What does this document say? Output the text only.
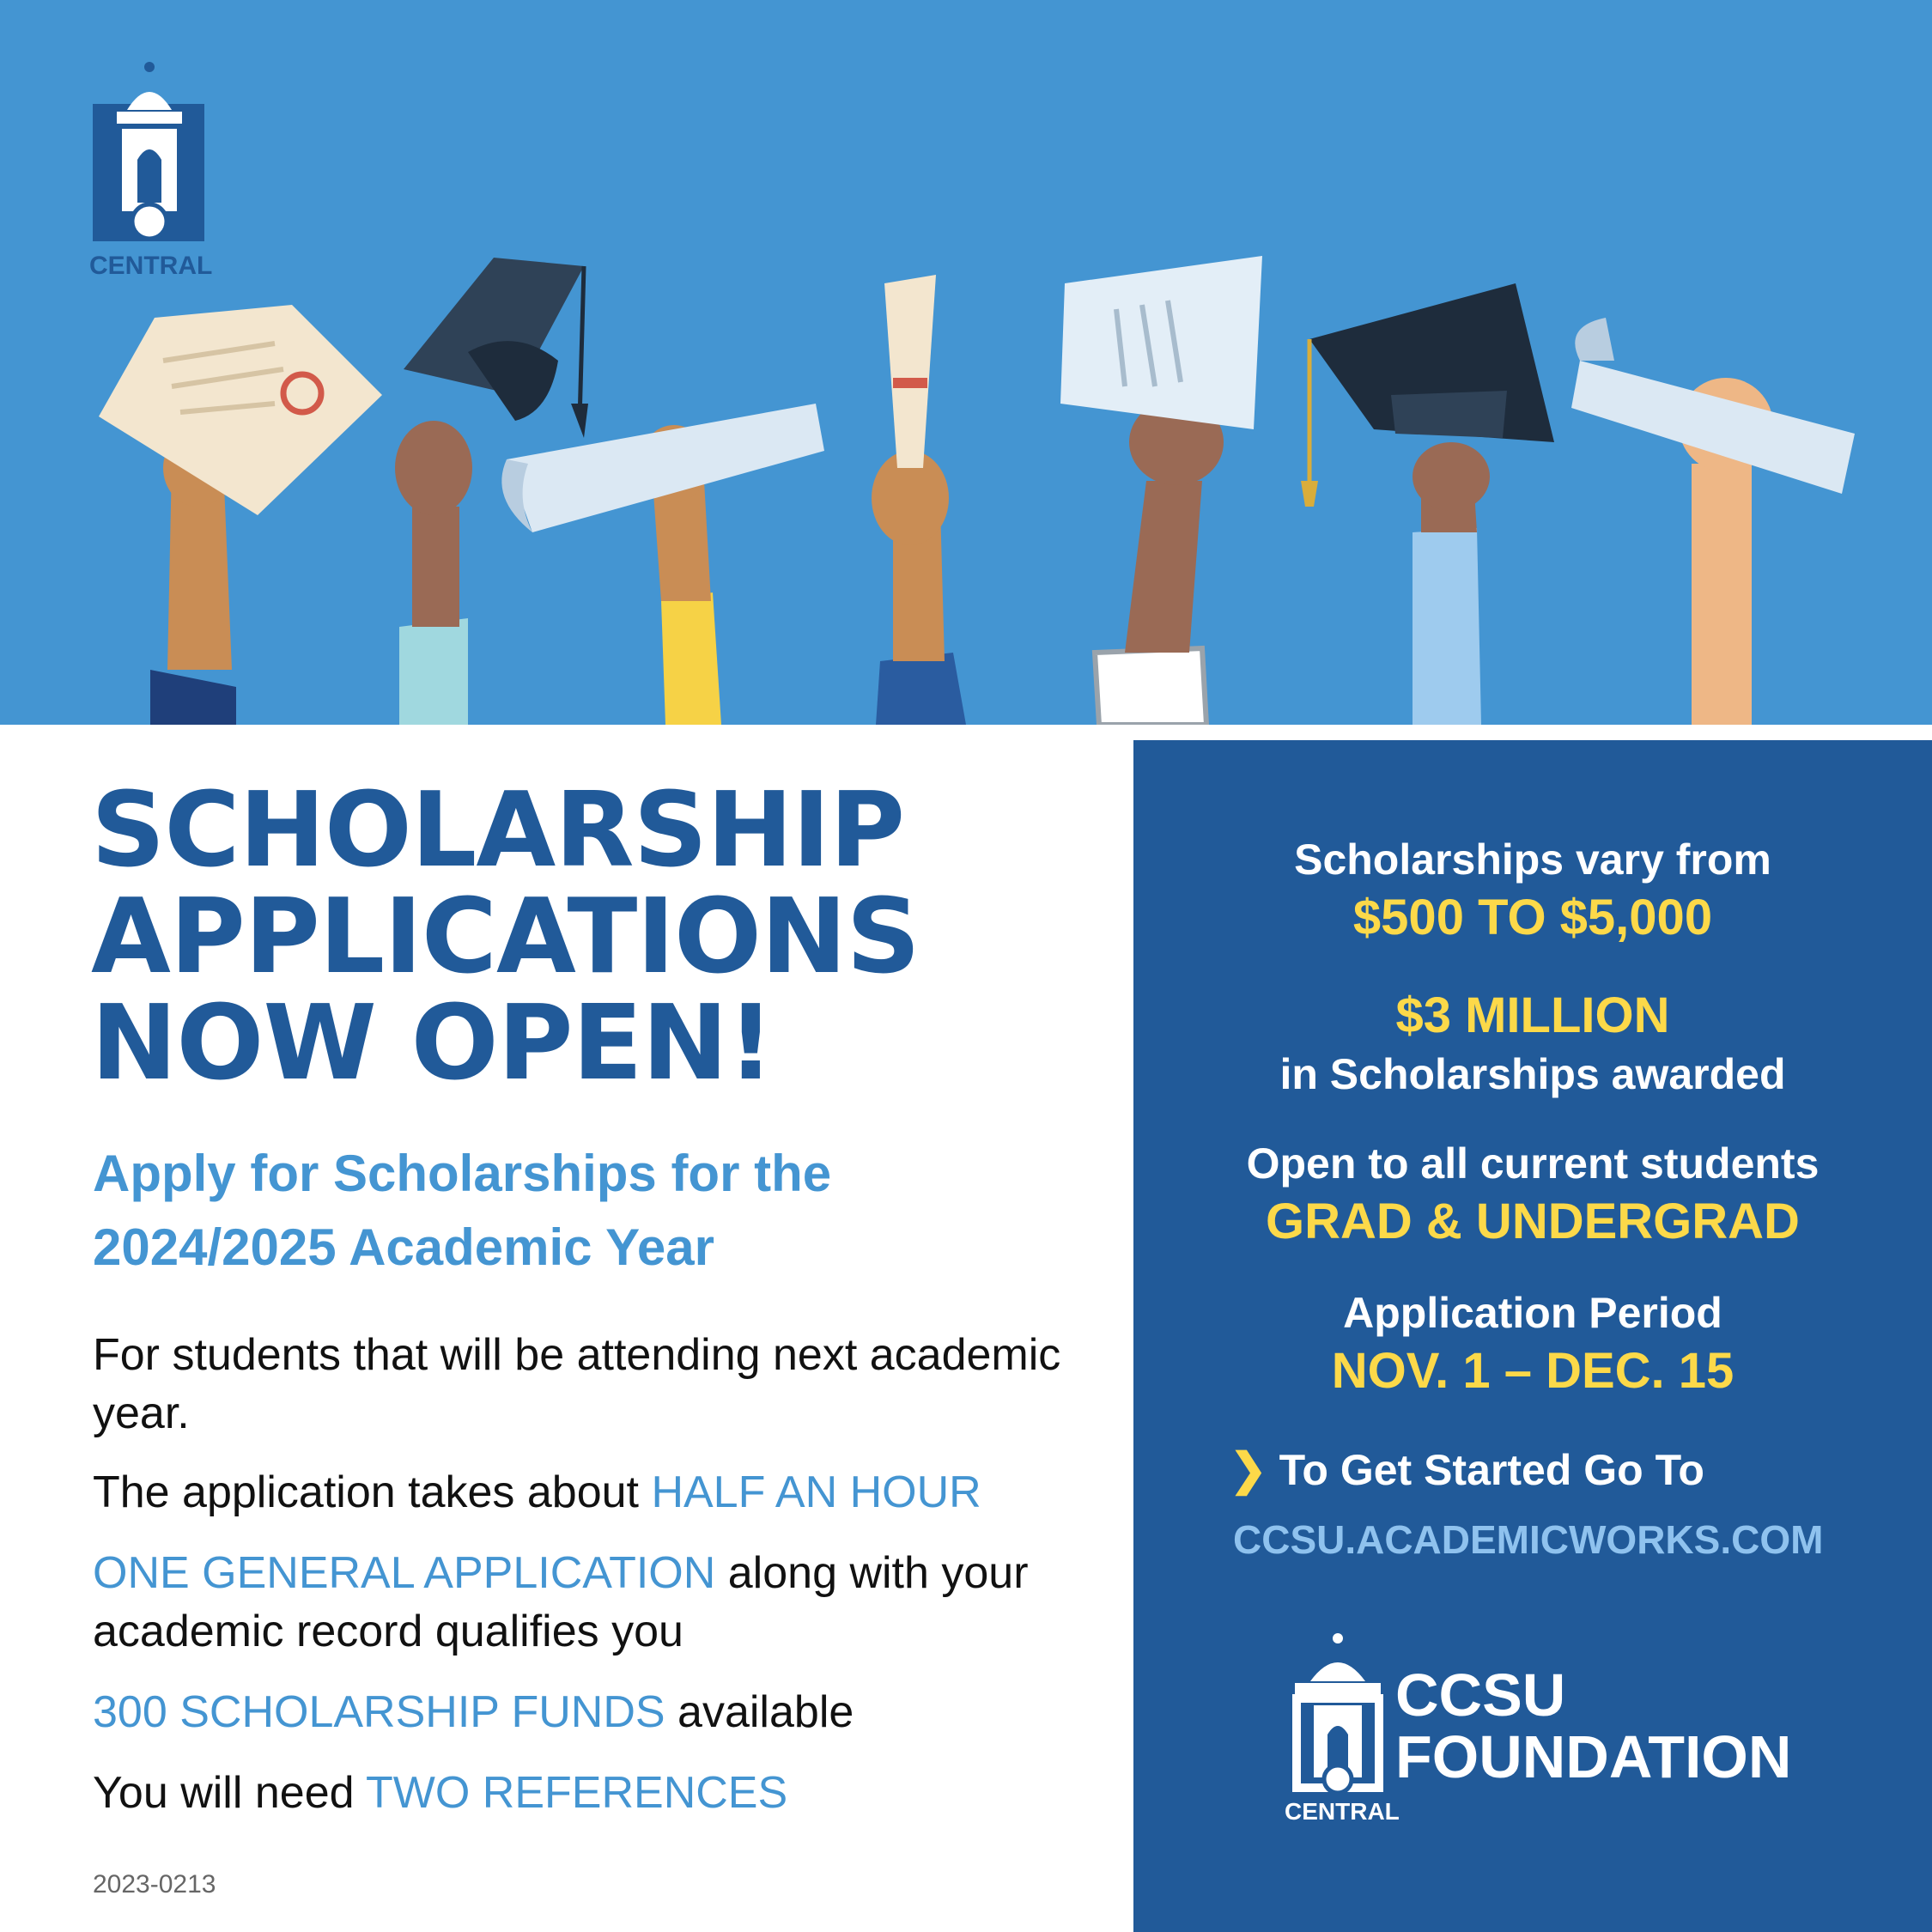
CENTRAL
SCHOLARSHIP
APPLICATIONS
NOW OPEN!
Apply for Scholarships for the 2024/2025 Academic Year
For students that will be attending next academic year.
The application takes about HALF AN HOUR
ONE GENERAL APPLICATION along with your academic record qualifies you
300 SCHOLARSHIP FUNDS available
You will need TWO REFERENCES
2023-0213
Scholarships vary from
$500 TO $5,000
$3 MILLION
in Scholarships awarded
Open to all current students
GRAD & UNDERGRAD
Application Period
NOV. 1 – DEC. 15
❯ To Get Started Go To
CCSU.ACADEMICWORKS.COM
CCSU
FOUNDATION
CENTRAL
